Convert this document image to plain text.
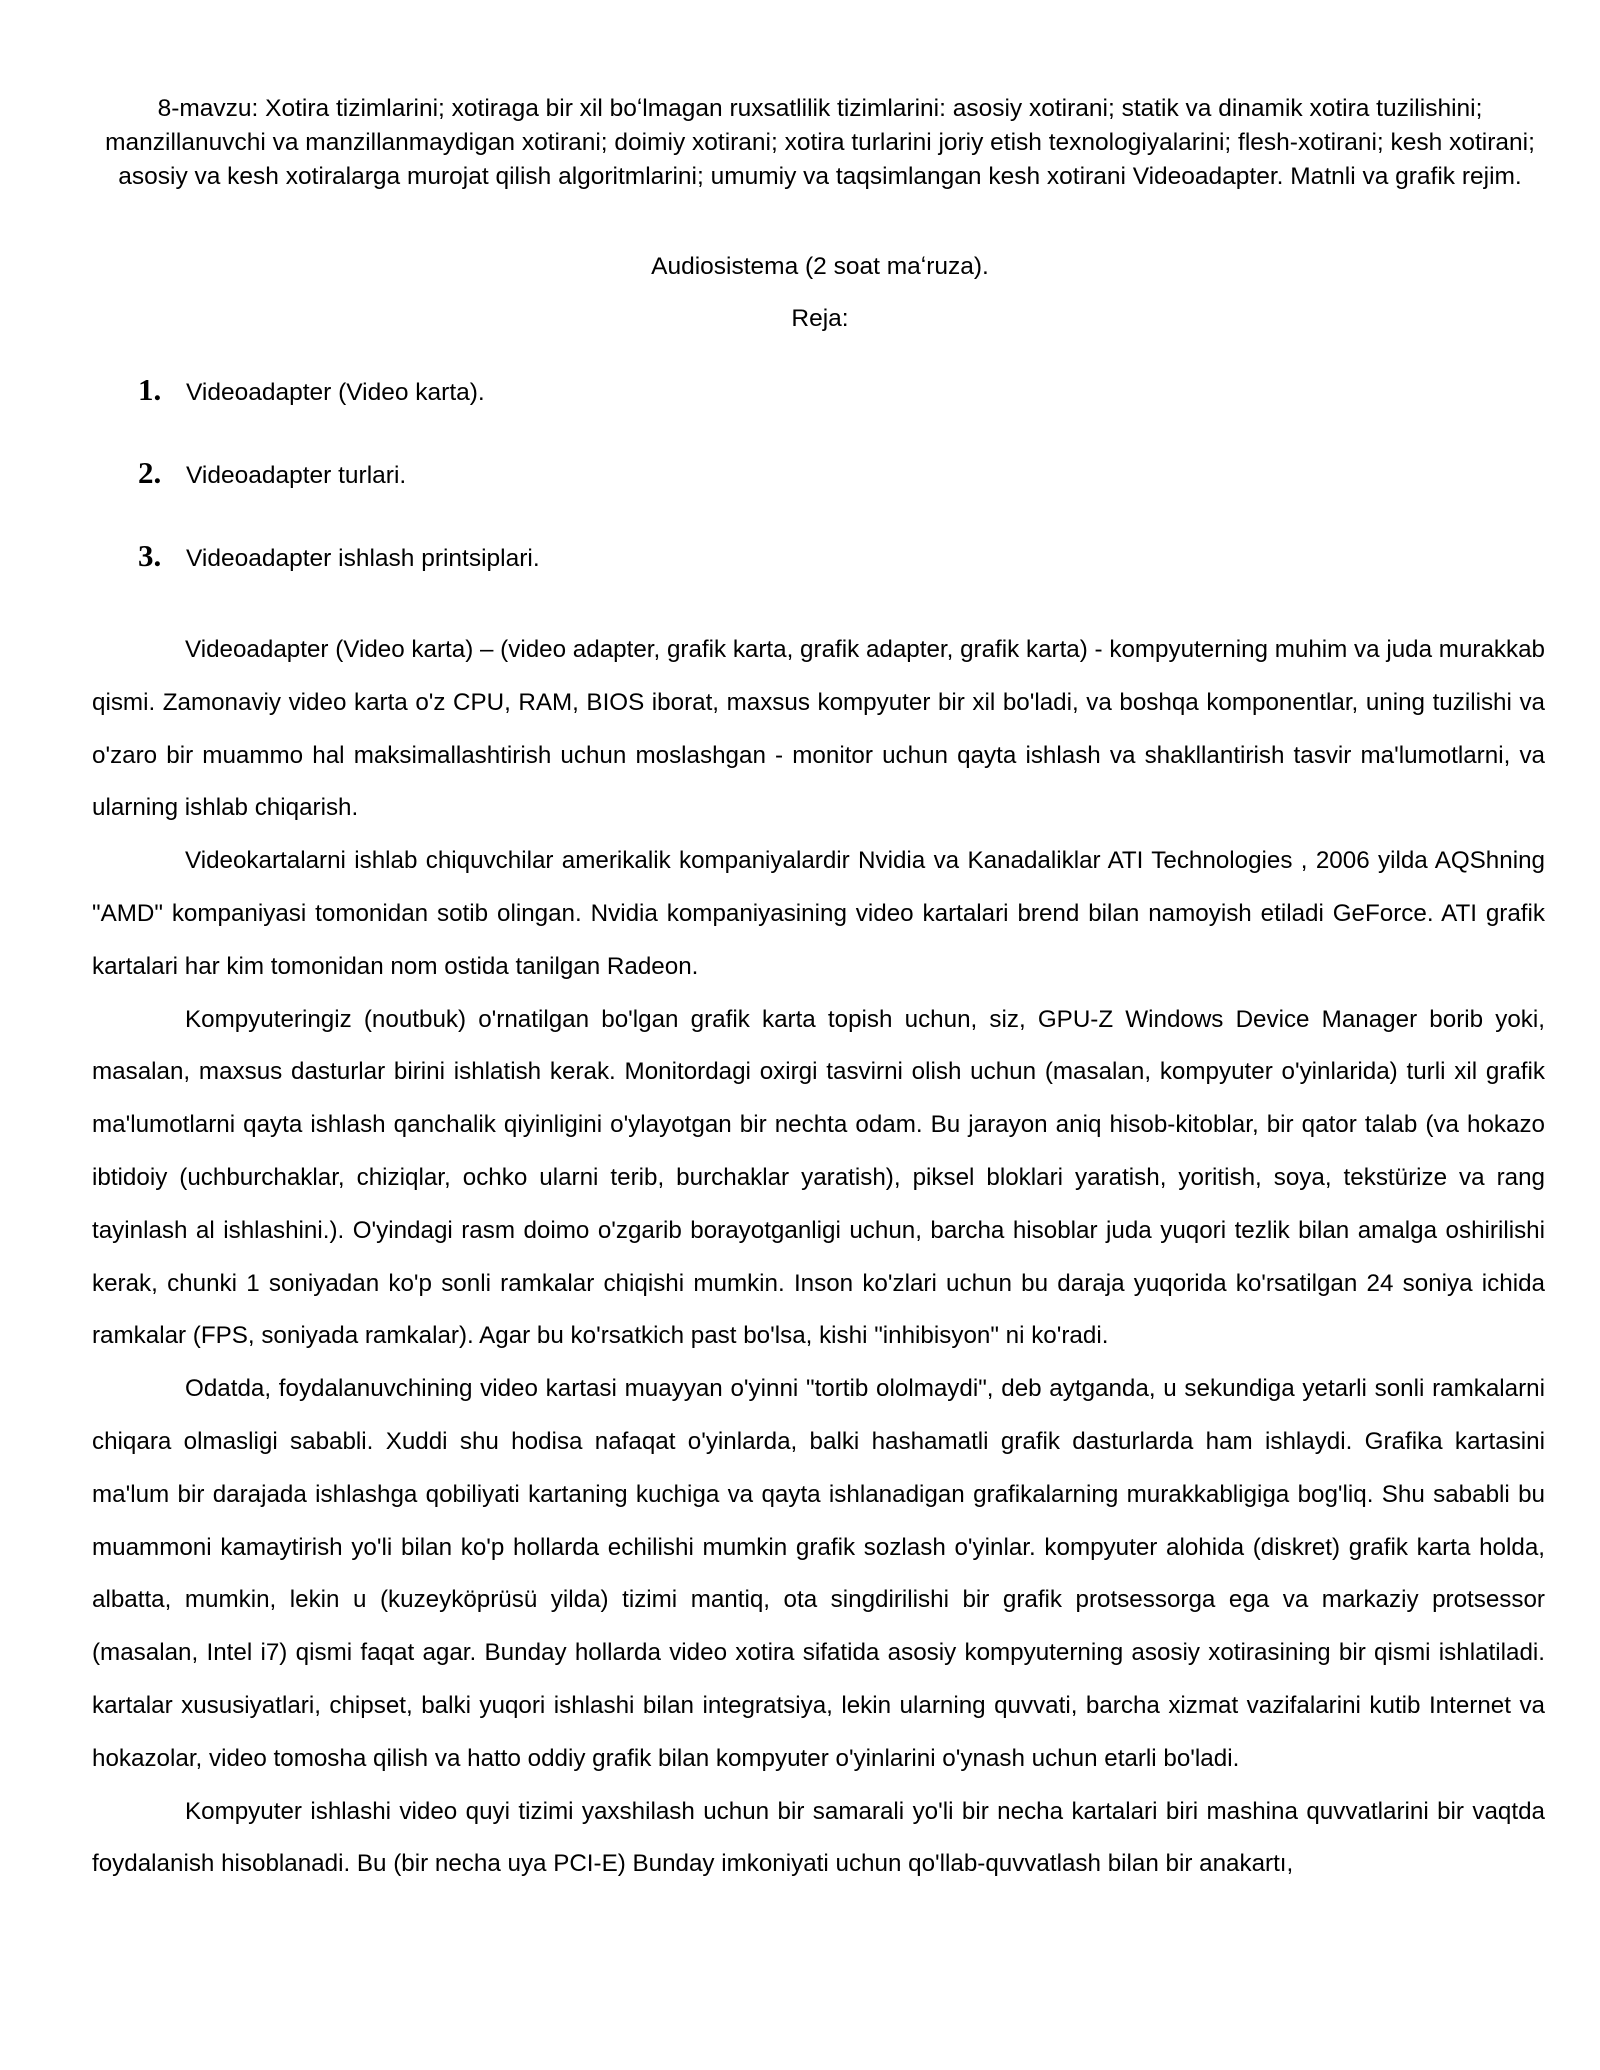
8-mavzu: Xotira tizimlarini; xotiraga bir xil boʻlmagan ruxsatlilik tizimlarini: asosiy xotirani; statik va dinamik xotira tuzilishini; manzillanuvchi va manzillanmaydigan xotirani; doimiy xotirani; xotira turlarini joriy etish texnologiyalarini; flesh-xotirani; kesh xotirani; asosiy va kesh xotiralarga murojat qilish algoritmlarini; umumiy va taqsimlangan kesh xotirani Videoadapter. Matnli va grafik rejim.
Audiosistema (2 soat maʻruza).
Reja:
1.	Videoadapter (Video karta).
2.	Videoadapter turlari.
3.	Videoadapter ishlash printsiplari.

Videoadapter (Video karta) – (video adapter, grafik karta, grafik adapter, grafik karta) - kompyuterning muhim va juda murakkab qismi. Zamonaviy video karta o'z CPU, RAM, BIOS iborat, maxsus kompyuter bir xil bo'ladi, va boshqa komponentlar, uning tuzilishi va o'zaro bir muammo hal maksimallashtirish uchun moslashgan - monitor uchun qayta ishlash va shakllantirish tasvir ma'lumotlarni, va ularning ishlab chiqarish.

Videokartalarni ishlab chiquvchilar amerikalik kompaniyalardir Nvidia va Kanadaliklar ATI Technologies , 2006 yilda AQShning "AMD" kompaniyasi tomonidan sotib olingan. Nvidia kompaniyasining video kartalari brend bilan namoyish etiladi GeForce. ATI grafik kartalari har kim tomonidan nom ostida tanilgan Radeon.

Kompyuteringiz (noutbuk) o'rnatilgan bo'lgan grafik karta topish uchun, siz, GPU-Z Windows Device Manager borib yoki, masalan, maxsus dasturlar birini ishlatish kerak. Monitordagi oxirgi tasvirni olish uchun (masalan, kompyuter o'yinlarida) turli xil grafik ma'lumotlarni qayta ishlash qanchalik qiyinligini o'ylayotgan bir nechta odam. Bu jarayon aniq hisob-kitoblar, bir qator talab (va hokazo ibtidoiy (uchburchaklar, chiziqlar, ochko ularni terib, burchaklar yaratish), piksel bloklari yaratish, yoritish, soya, tekstürize va rang tayinlash al ishlashini.). O'yindagi rasm doimo o'zgarib borayotganligi uchun, barcha hisoblar juda yuqori tezlik bilan amalga oshirilishi kerak, chunki 1 soniyadan ko'p sonli ramkalar chiqishi mumkin. Inson ko'zlari uchun bu daraja yuqorida ko'rsatilgan 24 soniya ichida ramkalar (FPS, soniyada ramkalar). Agar bu ko'rsatkich past bo'lsa, kishi "inhibisyon" ni ko'radi.

Odatda, foydalanuvchining video kartasi muayyan o'yinni "tortib ololmaydi", deb aytganda, u sekundiga yetarli sonli ramkalarni chiqara olmasligi sababli. Xuddi shu hodisa nafaqat o'yinlarda, balki hashamatli grafik dasturlarda ham ishlaydi. Grafika kartasini ma'lum bir darajada ishlashga qobiliyati kartaning kuchiga va qayta ishlanadigan grafikalarning murakkabligiga bog'liq. Shu sababli bu muammoni kamaytirish yo'li bilan ko'p hollarda echilishi mumkin grafik sozlash o'yinlar. kompyuter alohida (diskret) grafik karta holda, albatta, mumkin, lekin u (kuzeyköprüsü yilda) tizimi mantiq, ota singdirilishi bir grafik protsessorga ega va markaziy protsessor (masalan, Intel i7) qismi faqat agar. Bunday hollarda video xotira sifatida asosiy kompyuterning asosiy xotirasining bir qismi ishlatiladi. kartalar xususiyatlari, chipset, balki yuqori ishlashi bilan integratsiya, lekin ularning quvvati, barcha xizmat vazifalarini kutib Internet va hokazolar, video tomosha qilish va hatto oddiy grafik bilan kompyuter o'yinlarini o'ynash uchun etarli bo'ladi.

Kompyuter ishlashi video quyi tizimi yaxshilash uchun bir samarali yo'li bir necha kartalari biri mashina quvvatlarini bir vaqtda foydalanish hisoblanadi. Bu (bir necha uya PCI-E) Bunday imkoniyati uchun qo'llab-quvvatlash bilan bir anakartı,
